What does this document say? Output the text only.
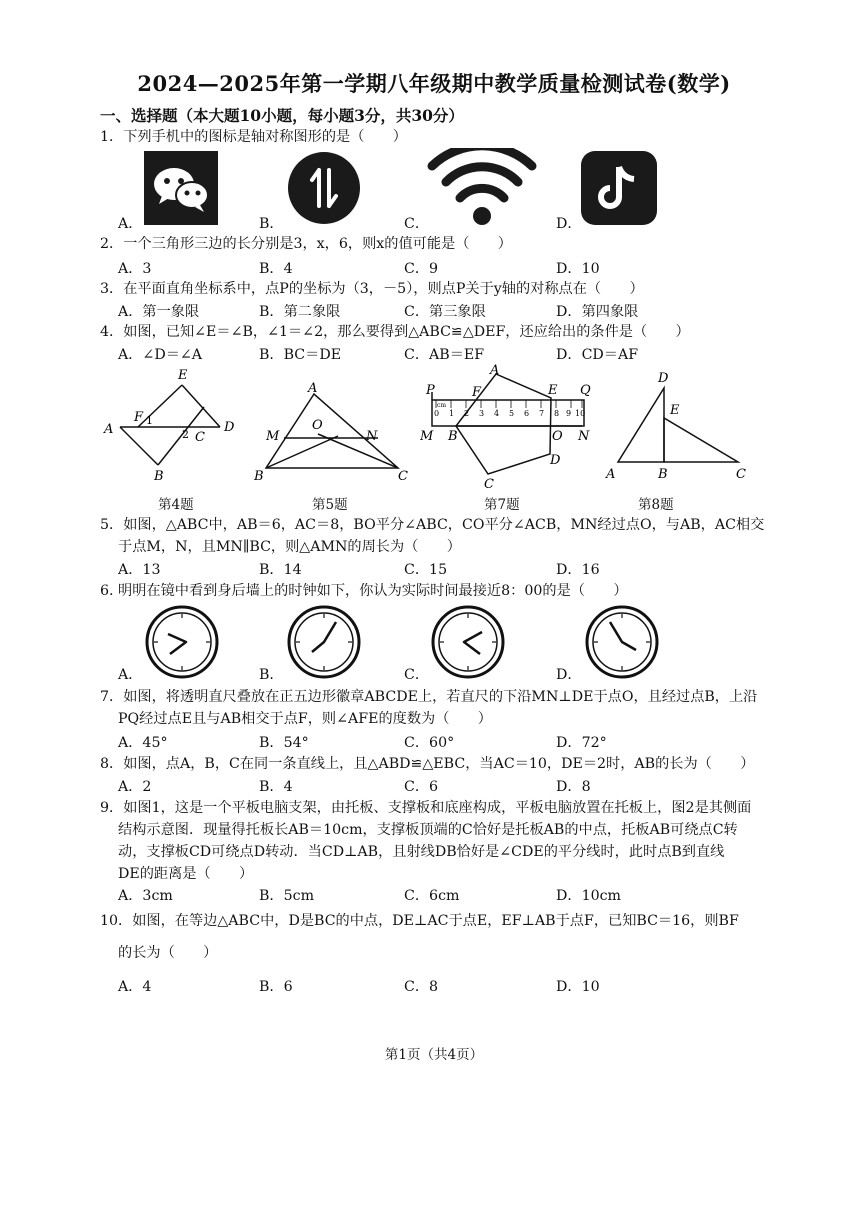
2024—2025年第一学期八年级期中教学质量检测试卷(数学)
一、选择题（本大题10小题，每小题3分，共30分）
1．下列手机中的图标是轴对称图形的是（　　）
A．	B．	C．	D．
2．一个三角形三边的长分别是3，x，6，则x的值可能是（　　）
A．3	B．4	C．9	D．10
3．在平面直角坐标系中，点P的坐标为（3，－5），则点P关于y轴的对称点在（　　）
A．第一象限	B．第二象限	C．第三象限	D．第四象限
4．如图，已知∠E＝∠B，∠1＝∠2，那么要得到△ABC≌△DEF，还应给出的条件是（　　）
A．∠D＝∠A	B．BC＝DE	C．AB＝EF	D．CD＝AF
A
E
F 1
2 C
D
B
第4题
A
M
O
N
B	C
第5题
0 1 2 3 4 5 6 7 8 9 10
cm
P
A
F	E Q
M B	O N
D
C
第7题
D
E
A	B	C
第8题
5．如图，△ABC中，AB＝6，AC＝8，BO平分∠ABC，CO平分∠ACB，MN经过点O，与AB，AC相交
于点M，N，且MN∥BC，则△AMN的周长为（　　）
A．13	B．14	C．15	D．16
6. 明明在镜中看到身后墙上的时钟如下，你认为实际时间最接近8：00的是（　　）
A．	B．	C．	D．
7．如图，将透明直尺叠放在正五边形徽章ABCDE上，若直尺的下沿MN⊥DE于点O，且经过点B，上沿
PQ经过点E且与AB相交于点F，则∠AFE的度数为（　　）
A．45°	B．54°	C．60°	D．72°
8．如图，点A，B，C在同一条直线上，且△ABD≌△EBC，当AC＝10，DE＝2时，AB的长为（　　）
A．2	B．4	C．6	D．8
9．如图1，这是一个平板电脑支架，由托板、支撑板和底座构成，平板电脑放置在托板上，图2是其侧面
结构示意图．现量得托板长AB＝10cm，支撑板顶端的C恰好是托板AB的中点，托板AB可绕点C转
动，支撑板CD可绕点D转动．当CD⊥AB，且射线DB恰好是∠CDE的平分线时，此时点B到直线
DE的距离是（　　）
A．3cm	B．5cm	C．6cm	D．10cm
10．如图，在等边△ABC中，D是BC的中点，DE⊥AC于点E，EF⊥AB于点F，已知BC＝16，则BF
的长为（　　）
A．4	B．6	C．8	D．10
第1页（共4页）
